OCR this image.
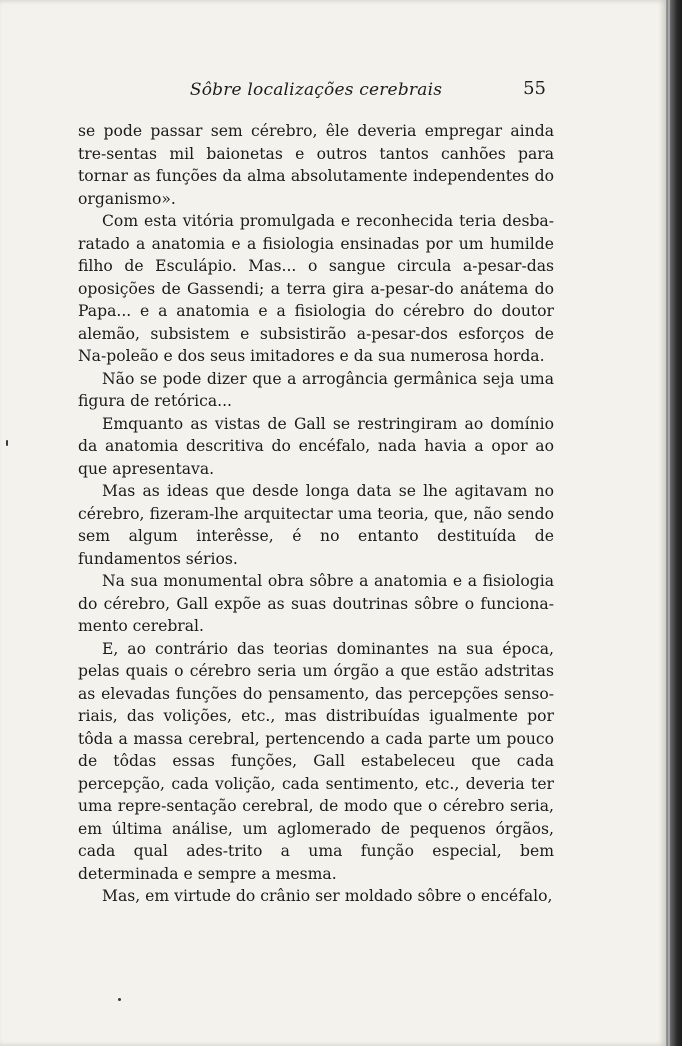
Sôbre localizações cerebrais	55

se pode passar sem cérebro, êle deveria empregar ainda tre-sentas mil baionetas e outros tantos canhões para tornar as funções da alma absolutamente independentes do organismo».

Com esta vitória promulgada e reconhecida teria desba-ratado a anatomia e a fisiologia ensinadas por um humilde filho de Esculápio. Mas... o sangue circula a-pesar-das oposições de Gassendi; a terra gira a-pesar-do anátema do Papa... e a anatomia e a fisiologia do cérebro do doutor alemão, subsistem e subsistirão a-pesar-dos esforços de Na-poleão e dos seus imitadores e da sua numerosa horda.

Não se pode dizer que a arrogância germânica seja uma figura de retórica...

Emquanto as vistas de Gall se restringiram ao domínio da anatomia descritiva do encéfalo, nada havia a opor ao que apresentava.

Mas as ideas que desde longa data se lhe agitavam no cérebro, fizeram-lhe arquitectar uma teoria, que, não sendo sem algum interêsse, é no entanto destituída de fundamentos sérios.

Na sua monumental obra sôbre a anatomia e a fisiologia do cérebro, Gall expõe as suas doutrinas sôbre o funciona-mento cerebral.

E, ao contrário das teorias dominantes na sua época, pelas quais o cérebro seria um órgão a que estão adstritas as elevadas funções do pensamento, das percepções senso-riais, das volições, etc., mas distribuídas igualmente por tôda a massa cerebral, pertencendo a cada parte um pouco de tôdas essas funções, Gall estabeleceu que cada percepção, cada volição, cada sentimento, etc., deveria ter uma repre-sentação cerebral, de modo que o cérebro seria, em última análise, um aglomerado de pequenos órgãos, cada qual ades-trito a uma função especial, bem determinada e sempre a mesma.

Mas, em virtude do crânio ser moldado sôbre o encéfalo,
